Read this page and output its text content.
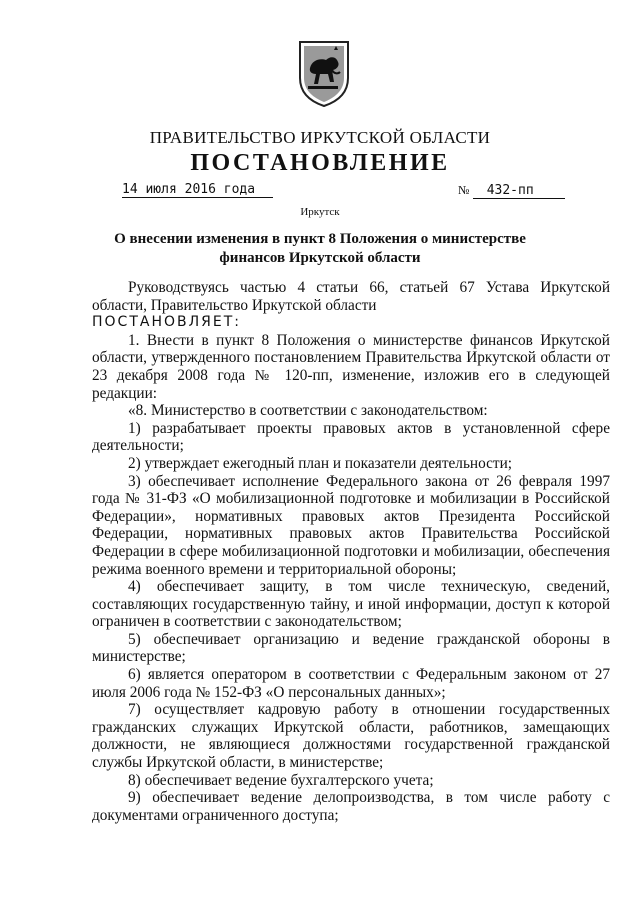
ПРАВИТЕЛЬСТВО ИРКУТСКОЙ ОБЛАСТИ
ПОСТАНОВЛЕНИЕ
14 июля 2016 года	№ 432-пп
Иркутск
О внесении изменения в пункт 8 Положения о министерстве финансов Иркутской области

Руководствуясь частью 4 статьи 66, статьей 67 Устава Иркутской области, Правительство Иркутской области

ПОСТАНОВЛЯЕТ:

1. Внести в пункт 8 Положения о министерстве финансов Иркутской области, утвержденного постановлением Правительства Иркутской области от 23 декабря 2008 года № 120-пп, изменение, изложив его в следующей редакции:

«8. Министерство в соответствии с законодательством:

1) разрабатывает проекты правовых актов в установленной сфере деятельности;

2) утверждает ежегодный план и показатели деятельности;

3) обеспечивает исполнение Федерального закона от 26 февраля 1997 года № 31-ФЗ «О мобилизационной подготовке и мобилизации в Российской Федерации», нормативных правовых актов Президента Российской Федерации, нормативных правовых актов Правительства Российской Федерации в сфере мобилизационной подготовки и мобилизации, обеспечения режима военного времени и территориальной обороны;

4) обеспечивает защиту, в том числе техническую, сведений, составляющих государственную тайну, и иной информации, доступ к которой ограничен в соответствии с законодательством;

5) обеспечивает организацию и ведение гражданской обороны в министерстве;

6) является оператором в соответствии с Федеральным законом от 27 июля 2006 года № 152-ФЗ «О персональных данных»;

7) осуществляет кадровую работу в отношении государственных гражданских служащих Иркутской области, работников, замещающих должности, не являющиеся должностями государственной гражданской службы Иркутской области, в министерстве;

8) обеспечивает ведение бухгалтерского учета;

9) обеспечивает ведение делопроизводства, в том числе работу с документами ограниченного доступа;
